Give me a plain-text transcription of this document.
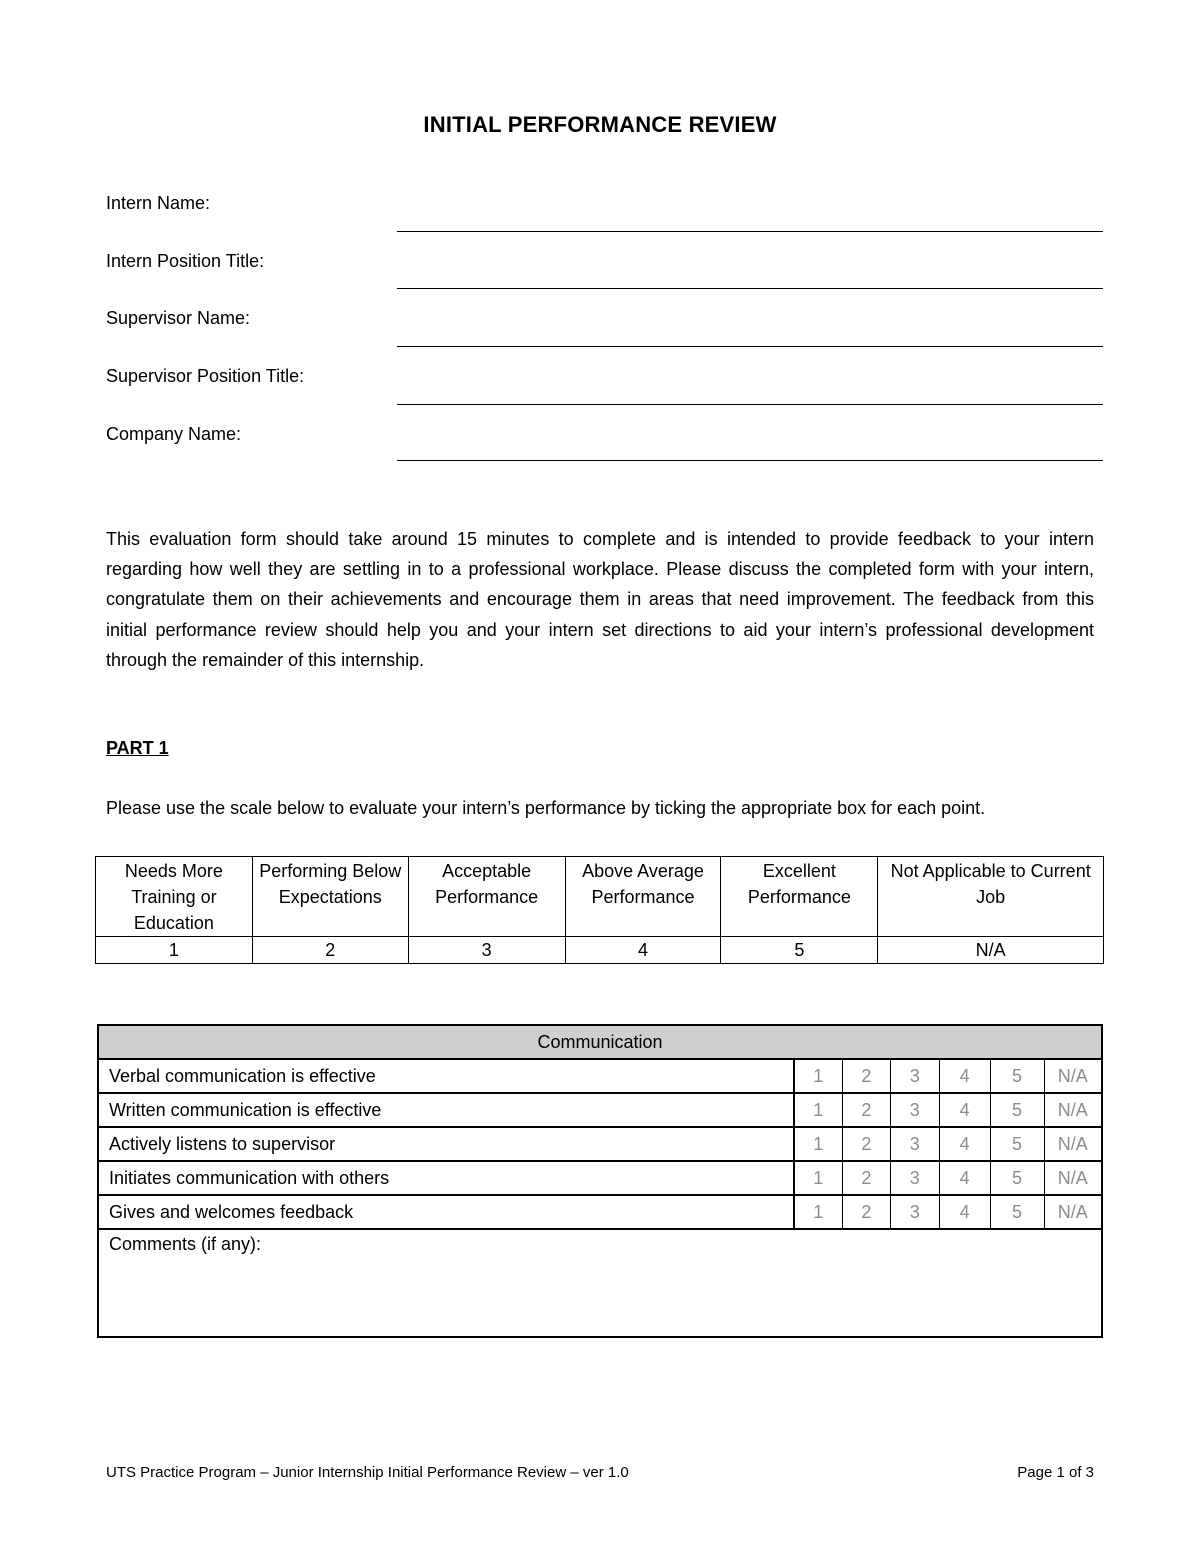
INITIAL PERFORMANCE REVIEW
Intern Name:
Intern Position Title:
Supervisor Name:
Supervisor Position Title:
Company Name:
This evaluation form should take around 15 minutes to complete and is intended to provide feedback to your intern regarding how well they are settling in to a professional workplace. Please discuss the completed form with your intern, congratulate them on their achievements and encourage them in areas that need improvement. The feedback from this initial performance review should help you and your intern set directions to aid your intern’s professional development through the remainder of this internship.
PART 1
Please use the scale below to evaluate your intern’s performance by ticking the appropriate box for each point.
Needs More Training or Education	Performing Below Expectations	Acceptable Performance	Above Average Performance	Excellent Performance	Not Applicable to Current Job
1	2	3	4	5	N/A
Communication						
Verbal communication is effective	1	2	3	4	5	N/A
Written communication is effective	1	2	3	4	5	N/A
Actively listens to supervisor	1	2	3	4	5	N/A
Initiates communication with others	1	2	3	4	5	N/A
Gives and welcomes feedback	1	2	3	4	5	N/A
Comments (if any):						
UTS Practice Program – Junior Internship Initial Performance Review – ver 1.0	Page 1 of 3
